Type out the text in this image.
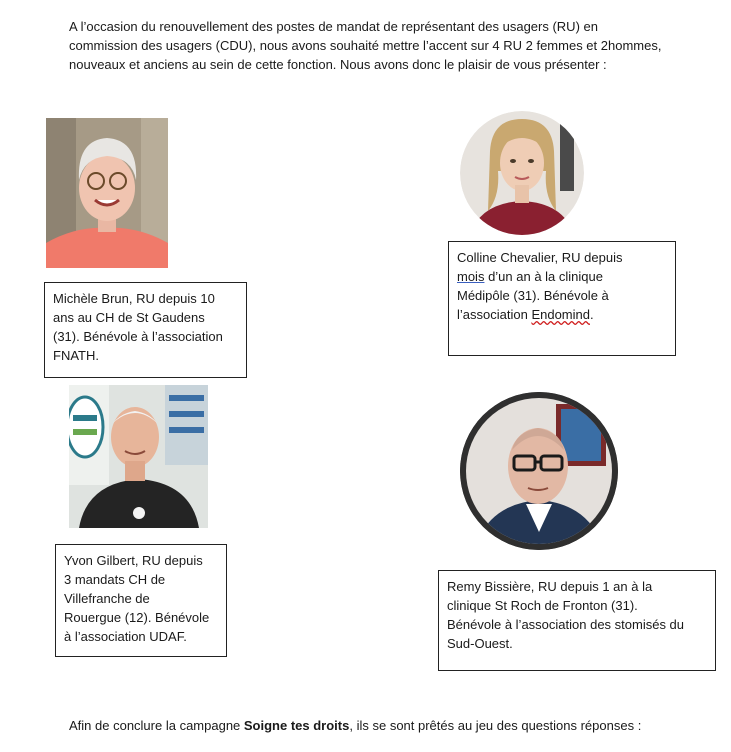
A l’occasion du renouvellement des postes de mandat de représentant des usagers (RU) en commission des usagers (CDU), nous avons souhaité mettre l’accent sur 4 RU 2 femmes et 2hommes, nouveaux et anciens au sein de cette fonction. Nous avons donc le plaisir de vous présenter :

Michèle Brun, RU depuis 10
ans au CH de St Gaudens
(31). Bénévole à l’association
FNATH.
Colline Chevalier, RU depuis
mois d’un an à la clinique
Médipôle (31). Bénévole à
l’association Endomind.
Yvon Gilbert, RU depuis
3 mandats CH de
Villefranche de
Rouergue (12). Bénévole
à l’association UDAF.
Remy Bissière, RU depuis 1 an à la
clinique St Roch de Fronton (31).
Bénévole à l’association des stomisés du
Sud-Ouest.

Afin de conclure la campagne Soigne tes droits, ils se sont prêtés au jeu des questions réponses :
